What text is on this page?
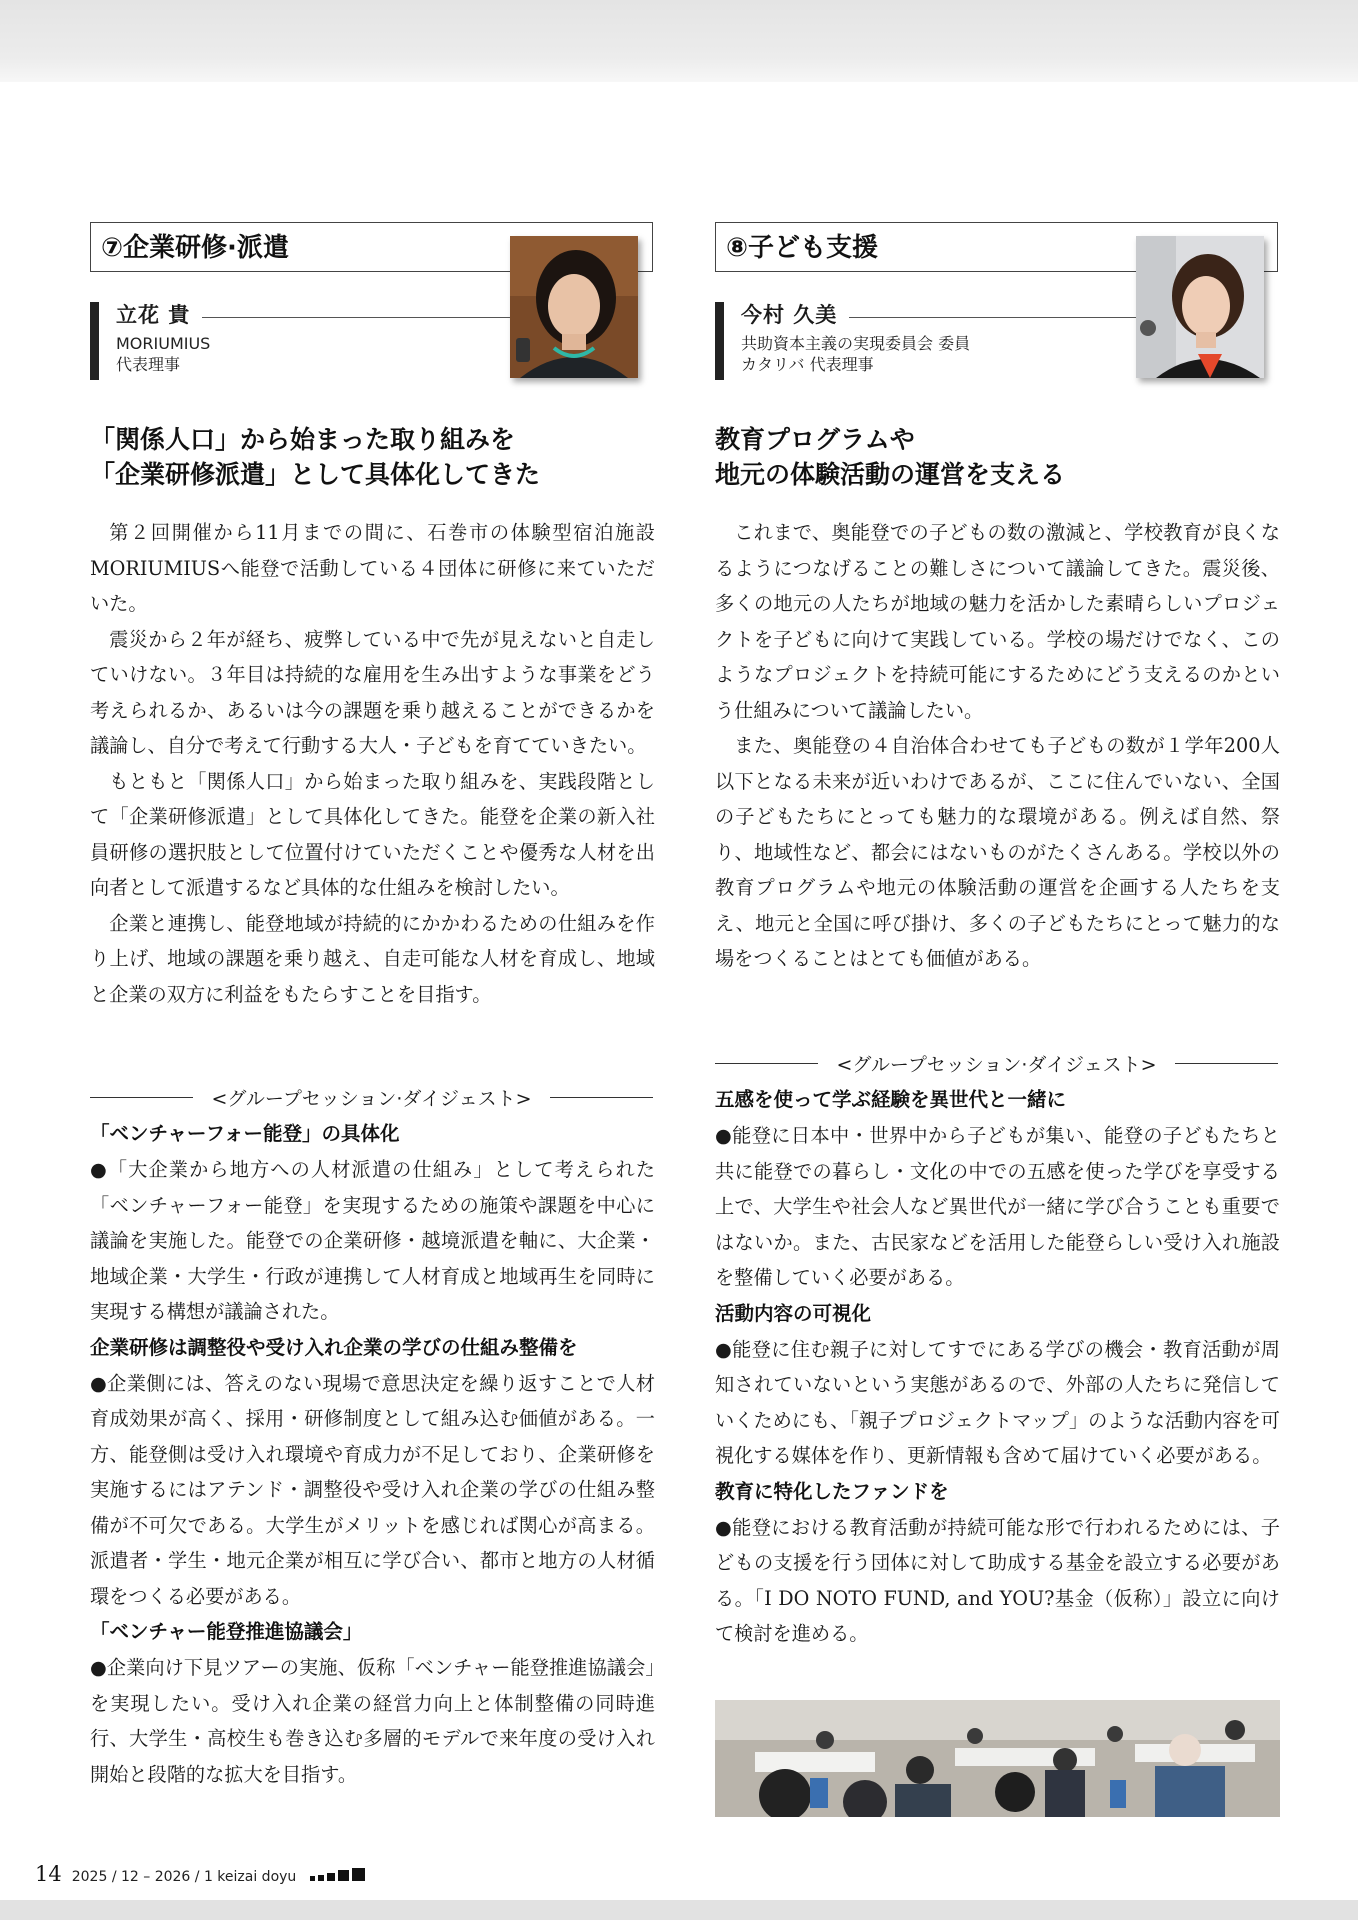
⑦企業研修·派遣
立花 貴
MORIUMIUS
代表理事
「関係人口」から始まった取り組みを
「企業研修派遣」として具体化してきた

第２回開催から11月までの間に、石巻市の体験型宿泊施設MORIUMIUSへ能登で活動している４団体に研修に来ていただいた。

震災から２年が経ち、疲弊している中で先が見えないと自走していけない。３年目は持続的な雇用を生み出すような事業をどう考えられるか、あるいは今の課題を乗り越えることができるかを議論し、自分で考えて行動する大人・子どもを育てていきたい。

もともと「関係人口」から始まった取り組みを、実践段階として「企業研修派遣」として具体化してきた。能登を企業の新入社員研修の選択肢として位置付けていただくことや優秀な人材を出向者として派遣するなど具体的な仕組みを検討したい。

企業と連携し、能登地域が持続的にかかわるための仕組みを作り上げ、地域の課題を乗り越え、自走可能な人材を育成し、地域と企業の双方に利益をもたらすことを目指す。

<グループセッション·ダイジェスト>
「ベンチャーフォー能登」の具体化

●「大企業から地方への人材派遣の仕組み」として考えられた「ベンチャーフォー能登」を実現するための施策や課題を中心に議論を実施した。能登での企業研修・越境派遣を軸に、大企業・地域企業・大学生・行政が連携して人材育成と地域再生を同時に実現する構想が議論された。

企業研修は調整役や受け入れ企業の学びの仕組み整備を

●企業側には、答えのない現場で意思決定を繰り返すことで人材育成効果が高く、採用・研修制度として組み込む価値がある。一方、能登側は受け入れ環境や育成力が不足しており、企業研修を実施するにはアテンド・調整役や受け入れ企業の学びの仕組み整備が不可欠である。大学生がメリットを感じれば関心が高まる。派遣者・学生・地元企業が相互に学び合い、都市と地方の人材循環をつくる必要がある。

「ベンチャー能登推進協議会」

●企業向け下見ツアーの実施、仮称「ベンチャー能登推進協議会」を実現したい。受け入れ企業の経営力向上と体制整備の同時進行、大学生・高校生も巻き込む多層的モデルで来年度の受け入れ開始と段階的な拡大を目指す。

⑧子ども支援
今村 久美
共助資本主義の実現委員会 委員
カタリバ 代表理事
教育プログラムや
地元の体験活動の運営を支える

これまで、奥能登での子どもの数の激減と、学校教育が良くなるようにつなげることの難しさについて議論してきた。震災後、多くの地元の人たちが地域の魅力を活かした素晴らしいプロジェクトを子どもに向けて実践している。学校の場だけでなく、このようなプロジェクトを持続可能にするためにどう支えるのかという仕組みについて議論したい。

また、奥能登の４自治体合わせても子どもの数が１学年200人以下となる未来が近いわけであるが、ここに住んでいない、全国の子どもたちにとっても魅力的な環境がある。例えば自然、祭り、地域性など、都会にはないものがたくさんある。学校以外の教育プログラムや地元の体験活動の運営を企画する人たちを支え、地元と全国に呼び掛け、多くの子どもたちにとって魅力的な場をつくることはとても価値がある。

<グループセッション·ダイジェスト>
五感を使って学ぶ経験を異世代と一緒に

●能登に日本中・世界中から子どもが集い、能登の子どもたちと共に能登での暮らし・文化の中での五感を使った学びを享受する上で、大学生や社会人など異世代が一緒に学び合うことも重要ではないか。また、古民家などを活用した能登らしい受け入れ施設を整備していく必要がある。

活動内容の可視化

●能登に住む親子に対してすでにある学びの機会・教育活動が周知されていないという実態があるので、外部の人たちに発信していくためにも、「親子プロジェクトマップ」のような活動内容を可視化する媒体を作り、更新情報も含めて届けていく必要がある。

教育に特化したファンドを

●能登における教育活動が持続可能な形で行われるためには、子どもの支援を行う団体に対して助成する基金を設立する必要がある。「I DO NOTO FUND, and YOU?基金（仮称）」設立に向けて検討を進める。

14 2025 / 12 – 2026 / 1 keizai doyu
